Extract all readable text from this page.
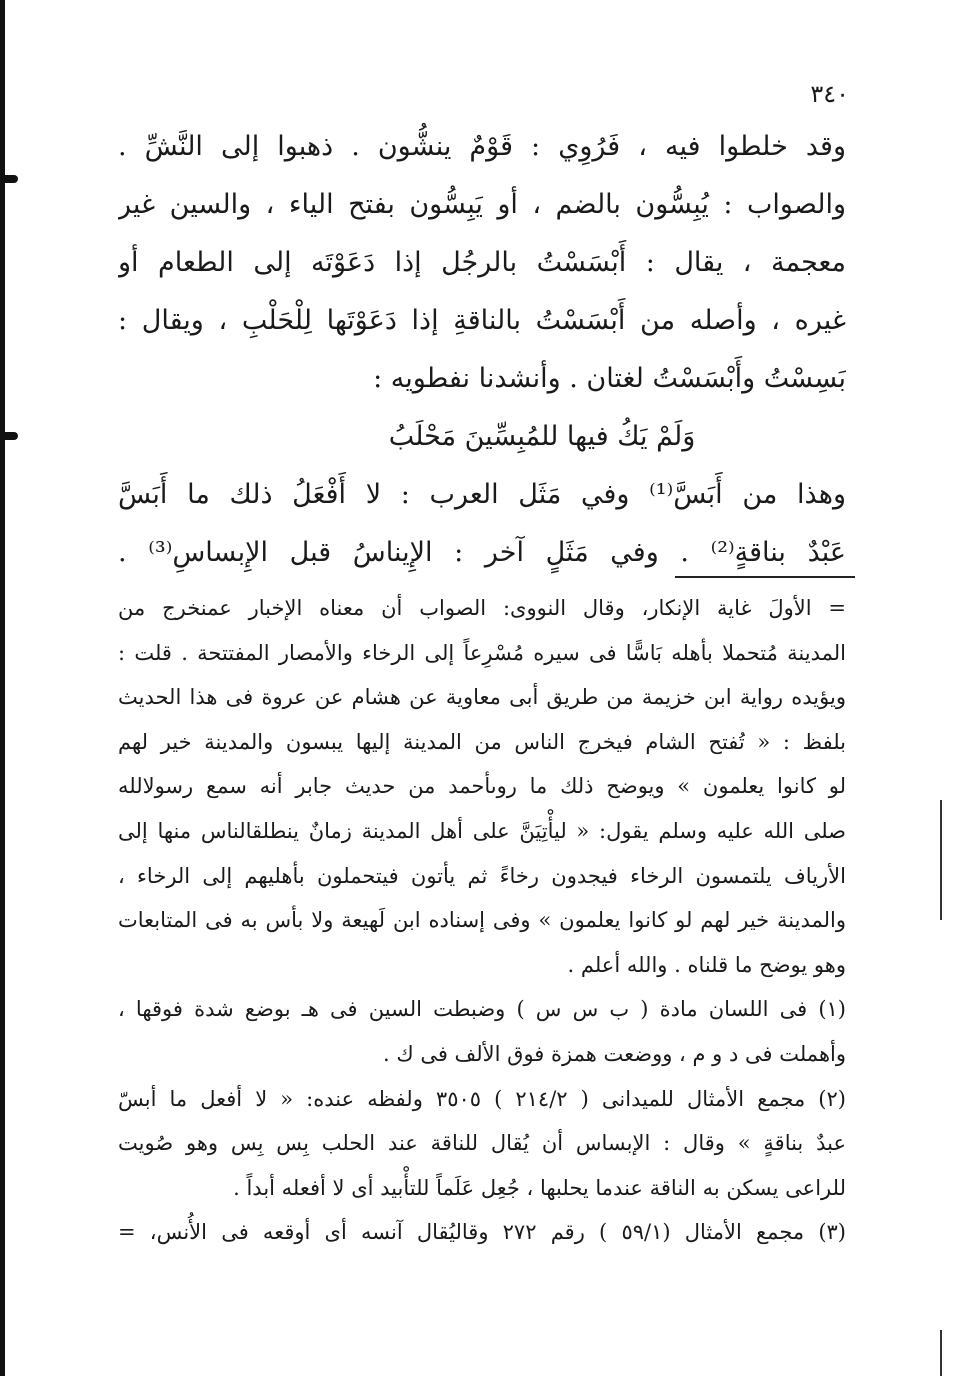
٣٤٠
وقد خلطوا فيه ، فَرُوِي : قَوْمٌ ينشُّون . ذهبوا إلى النَّشِّ .
والصواب : يُبِسُّون بالضم ، أو يَبِسُّون بفتح الياء ، والسين غير
معجمة ، يقال : أَبْسَسْتُ بالرجُل إذا دَعَوْتَه إلى الطعام أو
غيره ، وأصله من أَبْسَسْتُ بالناقةِ إذا دَعَوْتَها لِلْحَلْبِ ، ويقال :
بَسِسْتُ وأَبْسَسْتُ لغتان . وأنشدنا نفطويه :
وَلَمْ يَكُ فيها للمُبِسِّينَ مَحْلَبُ
وهذا من أَبَسَّ⁽¹⁾ وفي مَثَل العرب : لا أَفْعَلُ ذلك ما أَبَسَّ
عَبْدٌ بناقةٍ⁽²⁾ . وفي مَثَلٍ آخر : الإِيناسُ قبل الإِبساسِ⁽³⁾ .
= الأولَ غاية الإنكار، وقال النووى: الصواب أن معناه الإخبار عمنخرج من
المدينة مُتحملا بأهله بَاسًّا فى سيره مُسْرِعاً إلى الرخاء والأمصار المفتتحة . قلت :
ويؤيده رواية ابن خزيمة من طريق أبى معاوية عن هشام عن عروة فى هذا الحديث
بلفظ : « تُفتح الشام فيخرج الناس من المدينة إليها يبسون والمدينة خير لهم
لو كانوا يعلمون » ويوضح ذلك ما روىأحمد من حديث جابر أنه سمع رسولالله
صلى الله عليه وسلم يقول: « ليأْتِيَنَّ على أهل المدينة زمانٌ ينطلقالناس منها إلى
الأرياف يلتمسون الرخاء فيجدون رخاءً ثم يأتون فيتحملون بأهليهم إلى الرخاء ،
والمدينة خير لهم لو كانوا يعلمون » وفى إسناده ابن لَهيعة ولا بأس به فى المتابعات
وهو يوضح ما قلناه . والله أعلم .
(١) فى اللسان مادة ( ب س س ) وضبطت السين فى هـ بوضع شدة فوقها ،
وأهملت فى د و م ، ووضعت همزة فوق الألف فى ك .
(٢) مجمع الأمثال للميدانى ( ٢١٤/٢ ) ٣٥٠٥ ولفظه عنده: « لا أفعل ما أبسّ
عبدٌ بناقةٍ » وقال : الإبساس أن يُقال للناقة عند الحلب بِس بِس وهو صُويت
للراعى يسكن به الناقة عندما يحلبها ، جُعِل عَلَماً للتأْبيد أى لا أفعله أبداً .
(٣) مجمع الأمثال (٥٩/١ ) رقم ٢٧٢ وقاليُقال آنسه أى أوقعه فى الأُنس، =
